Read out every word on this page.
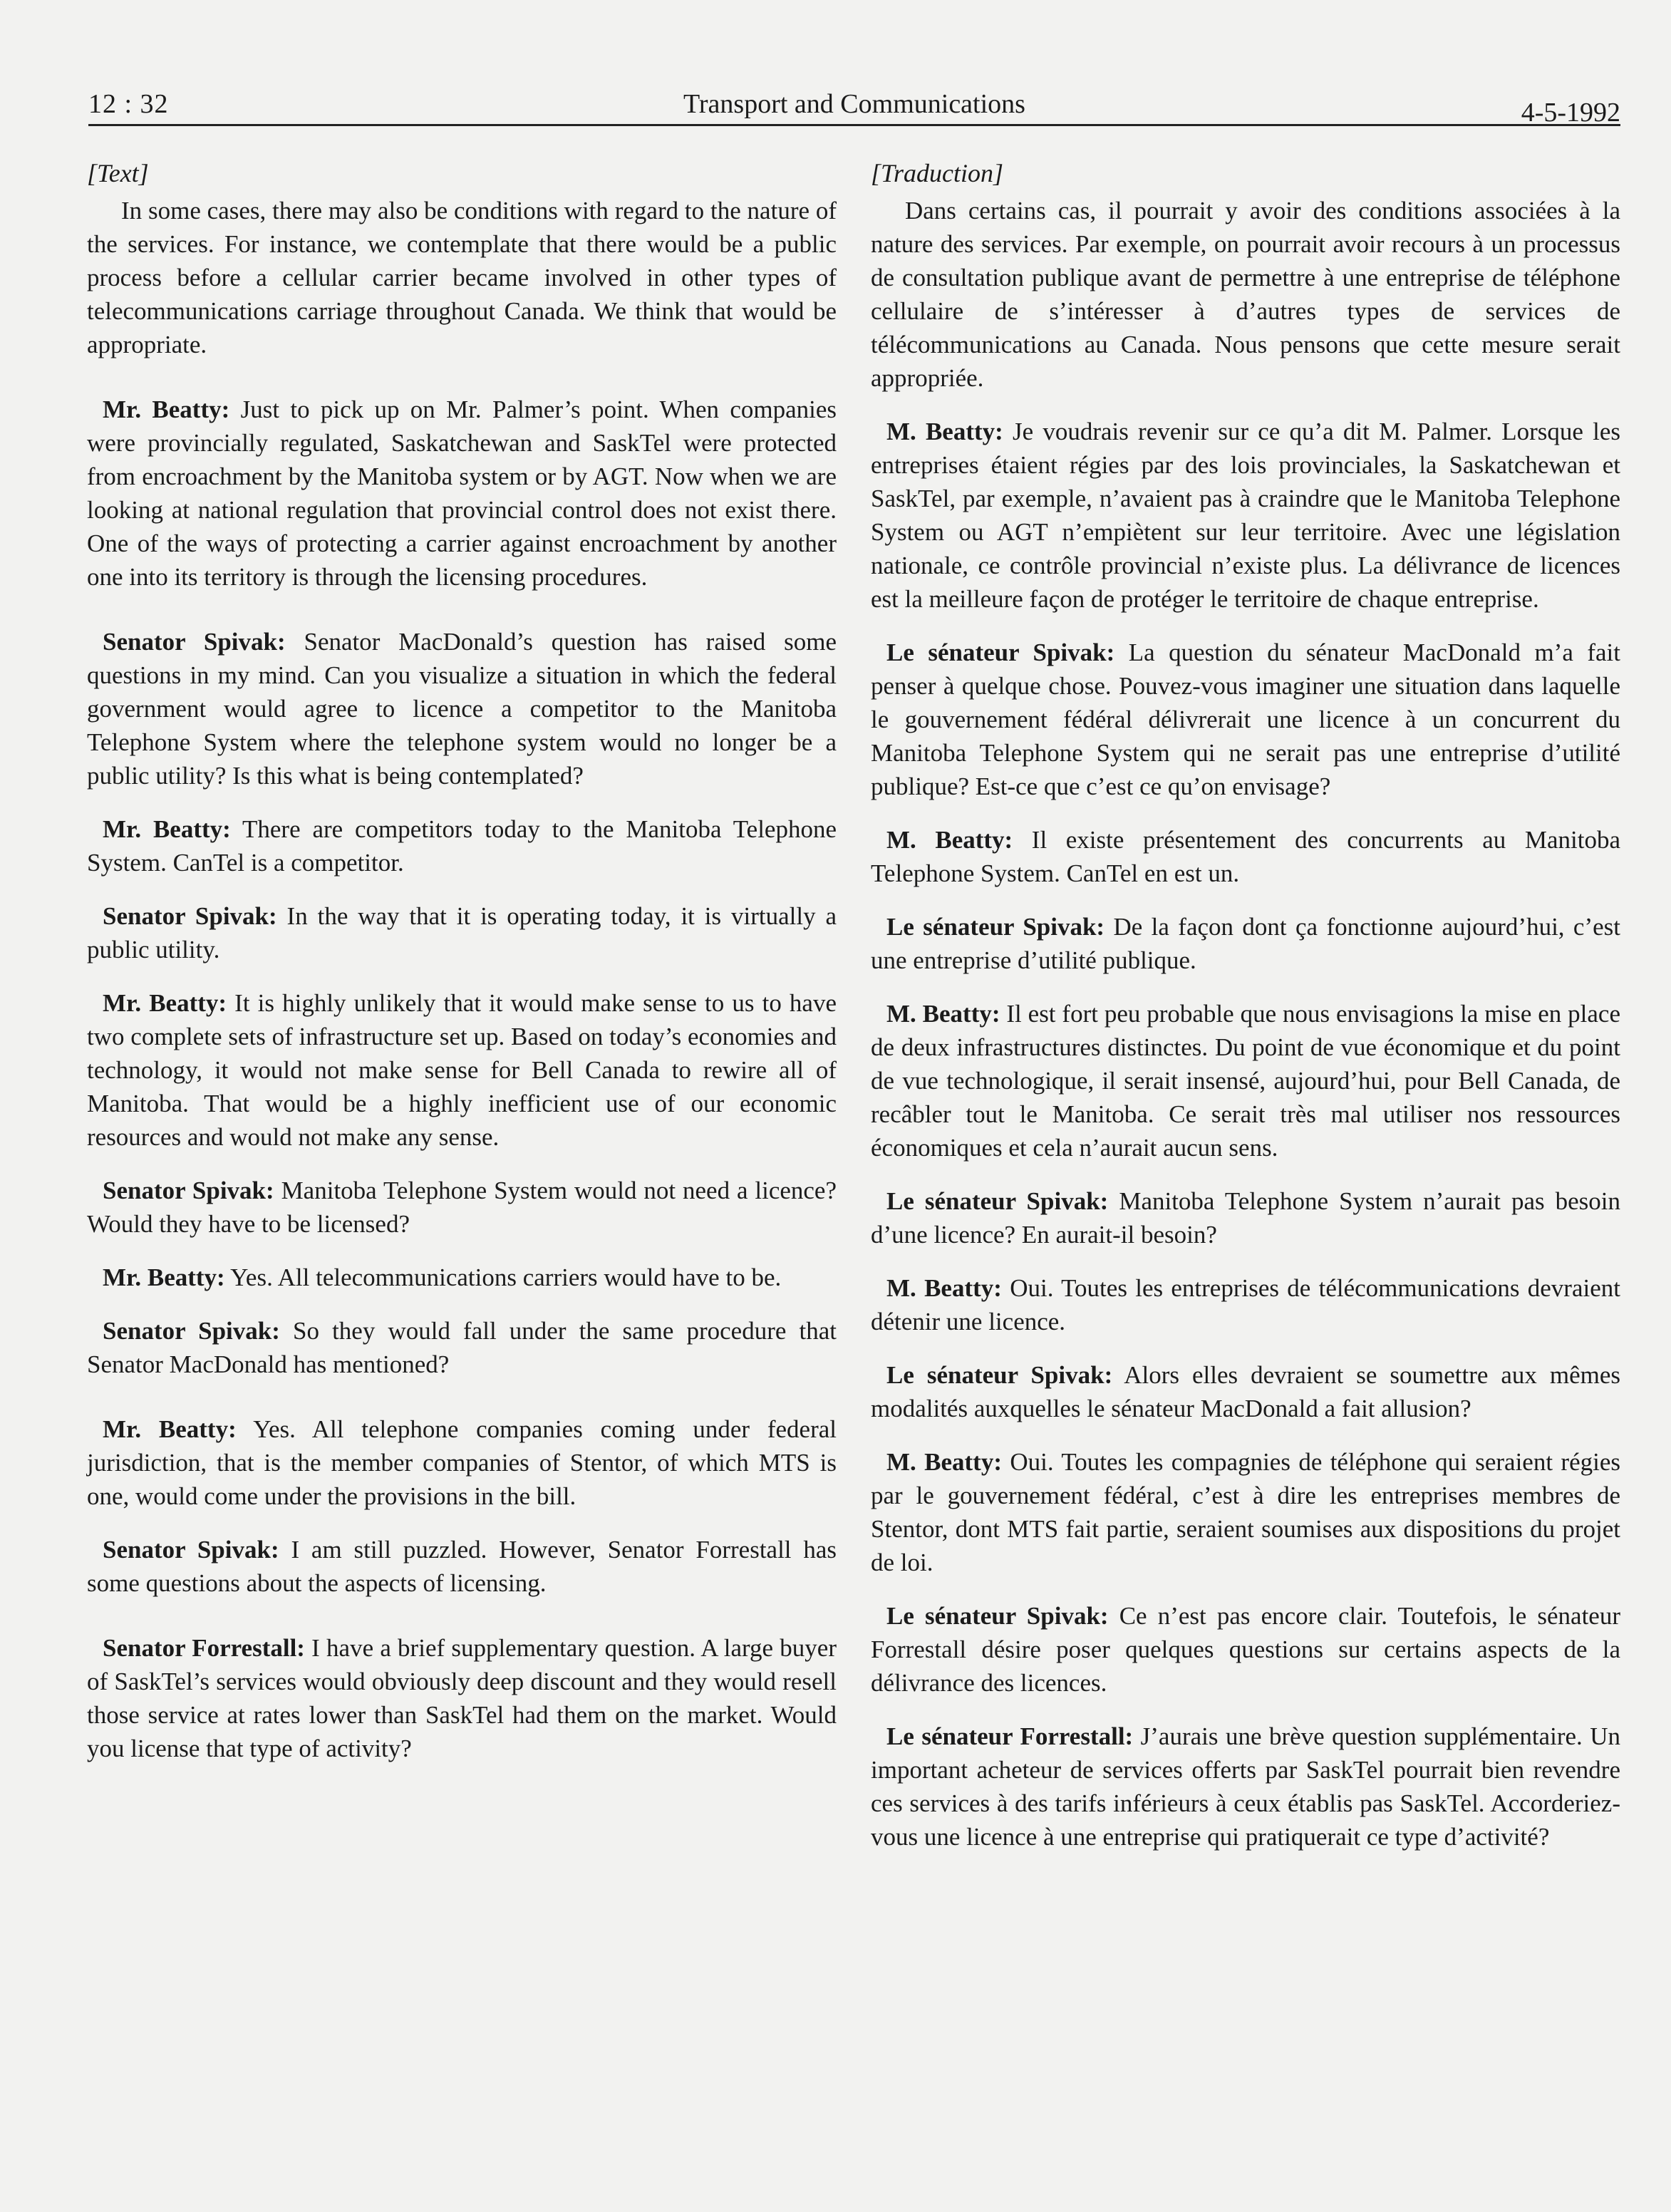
12 : 32	Transport and Communications	4-5-1992
[Text]

In some cases, there may also be conditions with regard to the nature of the services. For instance, we contemplate that there would be a public process before a cellular carrier became involved in other types of telecommunications carriage throughout Canada. We think that would be appropriate.

Mr. Beatty: Just to pick up on Mr. Palmer’s point. When companies were provincially regulated, Saskatchewan and SaskTel were protected from encroachment by the Manitoba system or by AGT. Now when we are looking at national regulation that provincial control does not exist there. One of the ways of protecting a carrier against encroachment by another one into its territory is through the licensing procedures.

Senator Spivak: Senator MacDonald’s question has raised some questions in my mind. Can you visualize a situation in which the federal government would agree to licence a competitor to the Manitoba Telephone System where the telephone system would no longer be a public utility? Is this what is being contemplated?

Mr. Beatty: There are competitors today to the Manitoba Telephone System. CanTel is a competitor.

Senator Spivak: In the way that it is operating today, it is virtually a public utility.

Mr. Beatty: It is highly unlikely that it would make sense to us to have two complete sets of infrastructure set up. Based on today’s economies and technology, it would not make sense for Bell Canada to rewire all of Manitoba. That would be a highly inefficient use of our economic resources and would not make any sense.

Senator Spivak: Manitoba Telephone System would not need a licence? Would they have to be licensed?

Mr. Beatty: Yes. All telecommunications carriers would have to be.

Senator Spivak: So they would fall under the same procedure that Senator MacDonald has mentioned?

Mr. Beatty: Yes. All telephone companies coming under federal jurisdiction, that is the member companies of Stentor, of which MTS is one, would come under the provisions in the bill.

Senator Spivak: I am still puzzled. However, Senator Forrestall has some questions about the aspects of licensing.

Senator Forrestall: I have a brief supplementary question. A large buyer of SaskTel’s services would obviously deep discount and they would resell those service at rates lower than SaskTel had them on the market. Would you license that type of activity?

[Traduction]

Dans certains cas, il pourrait y avoir des conditions associées à la nature des services. Par exemple, on pourrait avoir recours à un processus de consultation publique avant de permettre à une entreprise de téléphone cellulaire de s’intéresser à d’autres types de services de télécommunications au Canada. Nous pensons que cette mesure serait appropriée.

M. Beatty: Je voudrais revenir sur ce qu’a dit M. Palmer. Lorsque les entreprises étaient régies par des lois provinciales, la Saskatchewan et SaskTel, par exemple, n’avaient pas à craindre que le Manitoba Telephone System ou AGT n’empiètent sur leur territoire. Avec une législation nationale, ce contrôle provincial n’existe plus. La délivrance de licences est la meilleure façon de protéger le territoire de chaque entreprise.

Le sénateur Spivak: La question du sénateur MacDonald m’a fait penser à quelque chose. Pouvez-vous imaginer une situation dans laquelle le gouvernement fédéral délivrerait une licence à un concurrent du Manitoba Telephone System qui ne serait pas une entreprise d’utilité publique? Est-ce que c’est ce qu’on envisage?

M. Beatty: Il existe présentement des concurrents au Manitoba Telephone System. CanTel en est un.

Le sénateur Spivak: De la façon dont ça fonctionne aujourd’hui, c’est une entreprise d’utilité publique.

M. Beatty: Il est fort peu probable que nous envisagions la mise en place de deux infrastructures distinctes. Du point de vue économique et du point de vue technologique, il serait insensé, aujourd’hui, pour Bell Canada, de recâbler tout le Manitoba. Ce serait très mal utiliser nos ressources économiques et cela n’aurait aucun sens.

Le sénateur Spivak: Manitoba Telephone System n’aurait pas besoin d’une licence? En aurait-il besoin?

M. Beatty: Oui. Toutes les entreprises de télécommunications devraient détenir une licence.

Le sénateur Spivak: Alors elles devraient se soumettre aux mêmes modalités auxquelles le sénateur MacDonald a fait allusion?

M. Beatty: Oui. Toutes les compagnies de téléphone qui seraient régies par le gouvernement fédéral, c’est à dire les entreprises membres de Stentor, dont MTS fait partie, seraient soumises aux dispositions du projet de loi.

Le sénateur Spivak: Ce n’est pas encore clair. Toutefois, le sénateur Forrestall désire poser quelques questions sur certains aspects de la délivrance des licences.

Le sénateur Forrestall: J’aurais une brève question supplémentaire. Un important acheteur de services offerts par SaskTel pourrait bien revendre ces services à des tarifs inférieurs à ceux établis pas SaskTel. Accorderiez-vous une licence à une entreprise qui pratiquerait ce type d’activité?
